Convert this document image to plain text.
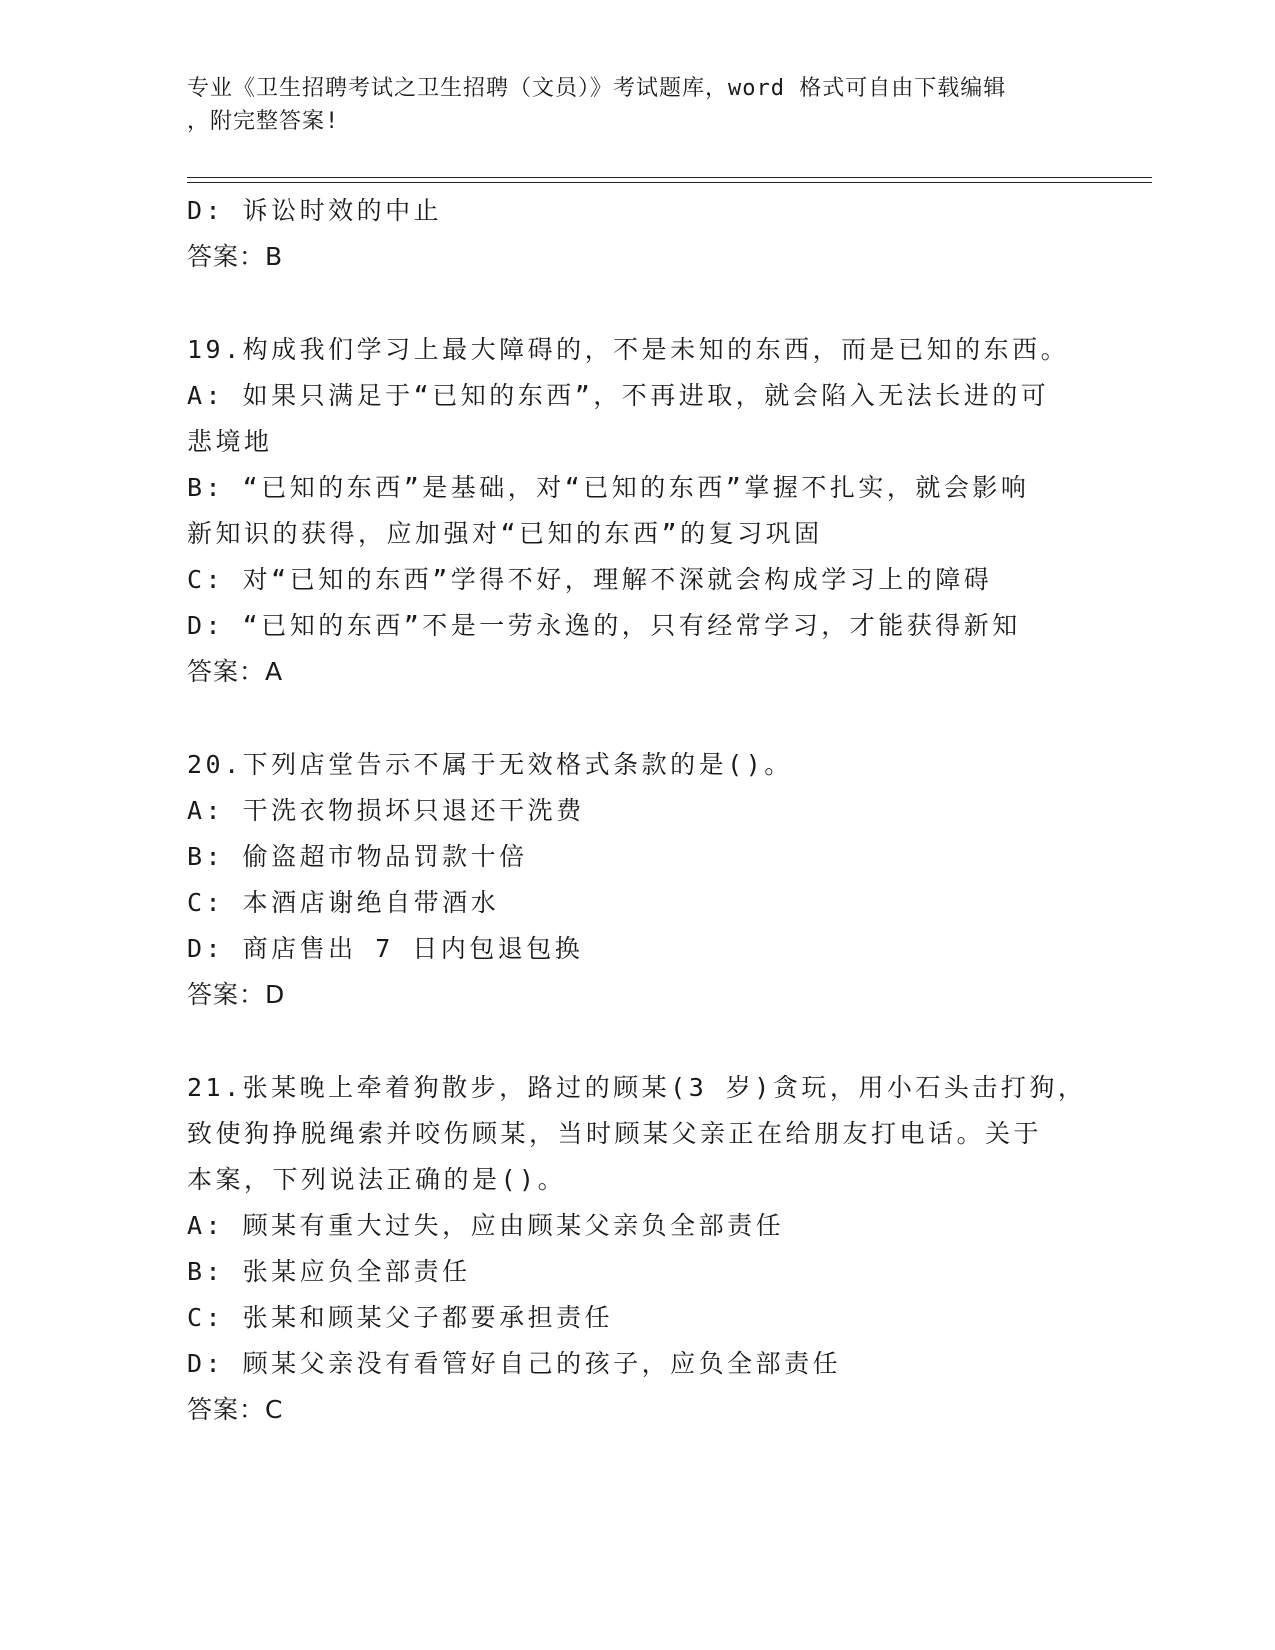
专业《卫生招聘考试之卫生招聘（文员）》考试题库，word 格式可自由下载编辑
，附完整答案!
D: 诉讼时效的中止
答案：B
19.构成我们学习上最大障碍的，不是未知的东西，而是已知的东西。
A: 如果只满足于“已知的东西”，不再进取，就会陷入无法长进的可
悲境地
B: “已知的东西”是基础，对“已知的东西”掌握不扎实，就会影响
新知识的获得，应加强对“已知的东西”的复习巩固
C: 对“已知的东西”学得不好，理解不深就会构成学习上的障碍
D: “已知的东西”不是一劳永逸的，只有经常学习，才能获得新知
答案：A
20.下列店堂告示不属于无效格式条款的是()。
A: 干洗衣物损坏只退还干洗费
B: 偷盗超市物品罚款十倍
C: 本酒店谢绝自带酒水
D: 商店售出 7 日内包退包换
答案：D
21.张某晚上牵着狗散步，路过的顾某(3 岁)贪玩，用小石头击打狗，
致使狗挣脱绳索并咬伤顾某，当时顾某父亲正在给朋友打电话。关于
本案，下列说法正确的是()。
A: 顾某有重大过失，应由顾某父亲负全部责任
B: 张某应负全部责任
C: 张某和顾某父子都要承担责任
D: 顾某父亲没有看管好自己的孩子，应负全部责任
答案：C
